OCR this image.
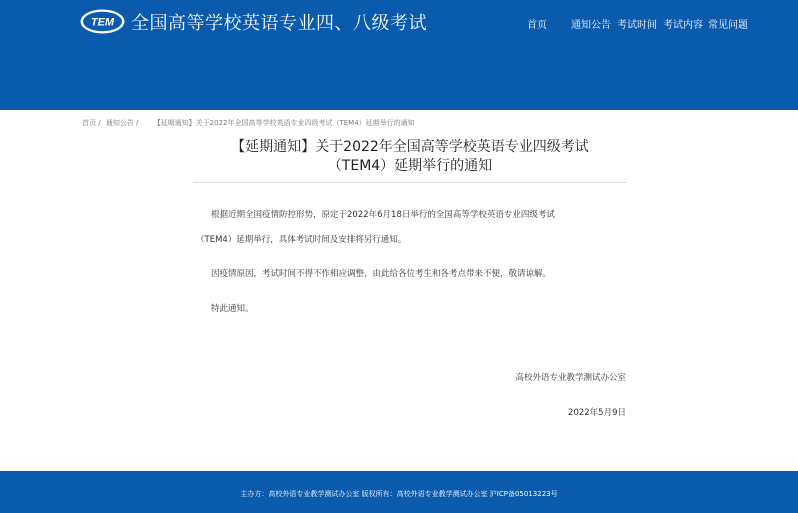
TEM 全国高等学校英语专业四、八级考试	首页 通知公告 考试时间 考试内容 常见问题
首页 / 通知公告 / 【延期通知】关于2022年全国高等学校英语专业四级考试（TEM4）延期举行的通知
【延期通知】关于2022年全国高等学校英语专业四级考试
（TEM4）延期举行的通知
根据近期全国疫情防控形势，原定于2022年6月18日举行的全国高等学校英语专业四级考试
（TEM4）延期举行，具体考试时间及安排将另行通知。
因疫情原因，考试时间不得不作相应调整，由此给各位考生和各考点带来不便，敬请谅解。
特此通知。
高校外语专业教学测试办公室
2022年5月9日
主办方：高校外语专业教学测试办公室 版权所有：高校外语专业教学测试办公室 沪ICP备05013223号
